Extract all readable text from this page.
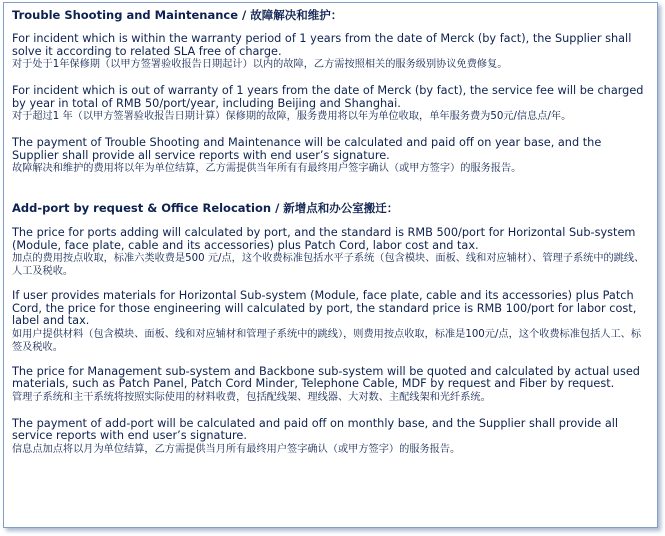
Trouble Shooting and Maintenance / 故障解决和维护：

For incident which is within the warranty period of 1 years from the date of Merck (by fact), the Supplier shall solve it according to related SLA free of charge.
对于处于1年保修期（以甲方签署验收报告日期起计）以内的故障，乙方需按照相关的服务级别协议免费修复。
For incident which is out of warranty of 1 years from the date of Merck (by fact), the service fee will be charged by year in total of RMB 50/port/year, including Beijing and Shanghai.
对于超过1 年（以甲方签署验收报告日期计算）保修期的故障，服务费用将以年为单位收取，单年服务费为50元/信息点/年。
The payment of Trouble Shooting and Maintenance will be calculated and paid off on year base, and the Supplier shall provide all service reports with end user’s signature.
故障解决和维护的费用将以年为单位结算，乙方需提供当年所有有最终用户签字确认（或甲方签字）的服务报告。

Add-port by request & Office Relocation / 新增点和办公室搬迁：

The price for ports adding will calculated by port, and the standard is RMB 500/port for Horizontal Sub-system (Module, face plate, cable and its accessories) plus Patch Cord, labor cost and tax.
加点的费用按点收取，标准六类收费是500 元/点，这个收费标准包括水平子系统（包含模块、面板、线和对应辅材）、管理子系统中的跳线、人工及税收。
If user provides materials for Horizontal Sub-system (Module, face plate, cable and its accessories) plus Patch Cord, the price for those engineering will calculated by port, the standard price is RMB 100/port for labor cost, label and tax.
如用户提供材料（包含模块、面板、线和对应辅材和管理子系统中的跳线），则费用按点收取，标准是100元/点，这个收费标准包括人工、标签及税收。
The price for Management sub-system and Backbone sub-system will be quoted and calculated by actual used materials, such as Patch Panel, Patch Cord Minder, Telephone Cable, MDF by request and Fiber by request.
管理子系统和主干系统将按照实际使用的材料收费，包括配线架、理线器、大对数、主配线架和光纤系统。
The payment of add-port will be calculated and paid off on monthly base, and the Supplier shall provide all service reports with end user’s signature.
信息点加点将以月为单位结算，乙方需提供当月所有最终用户签字确认（或甲方签字）的服务报告。
